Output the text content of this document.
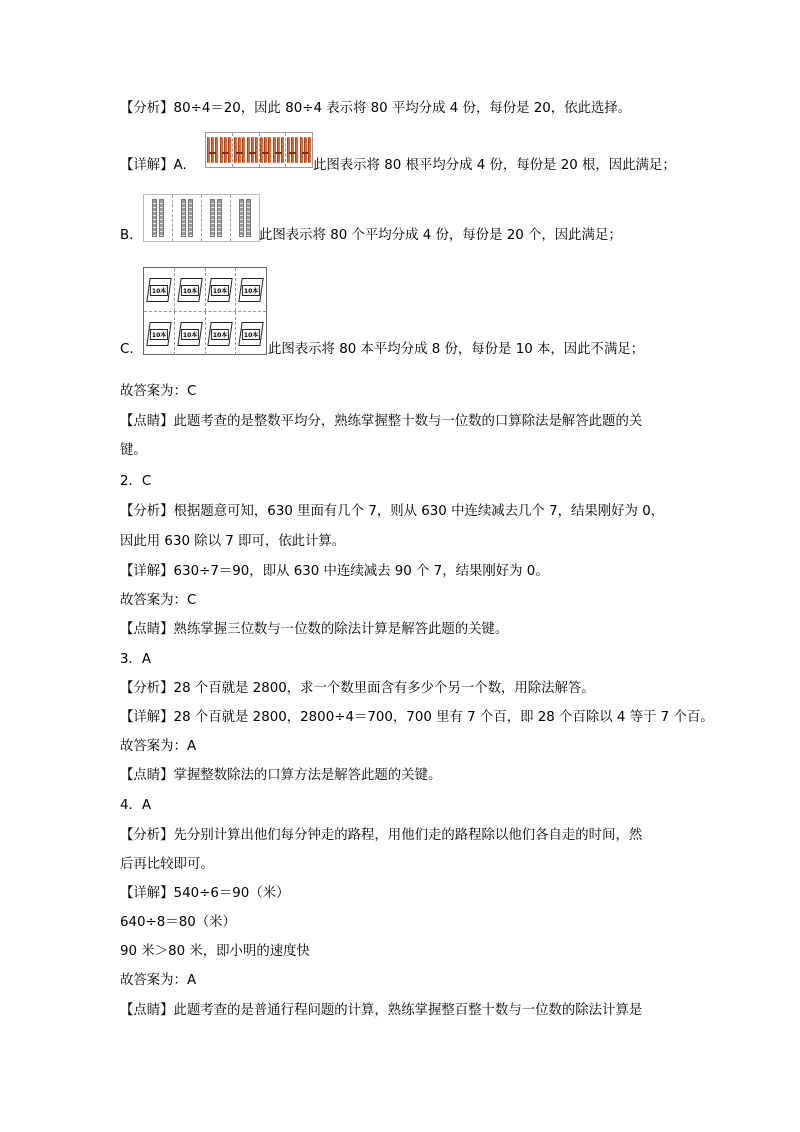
【分析】80÷4＝20，因此 80÷4 表示将 80 平均分成 4 份，每份是 20，依此选择。
【详解】A.	此图表示将 80 根平均分成 4 份，每份是 20 根，因此满足；
B.	此图表示将 80 个平均分成 4 份，每份是 20 个，因此满足；
10本	10本	10本	10本
10本	10本	10本	10本
C.	此图表示将 80 本平均分成 8 份，每份是 10 本，因此不满足；
故答案为：C
【点睛】此题考查的是整数平均分，熟练掌握整十数与一位数的口算除法是解答此题的关
键。
2．C
【分析】根据题意可知，630 里面有几个 7，则从 630 中连续减去几个 7，结果刚好为 0，
因此用 630 除以 7 即可，依此计算。
【详解】630÷7＝90，即从 630 中连续减去 90 个 7，结果刚好为 0。
故答案为：C
【点睛】熟练掌握三位数与一位数的除法计算是解答此题的关键。
3．A
【分析】28 个百就是 2800，求一个数里面含有多少个另一个数，用除法解答。
【详解】28 个百就是 2800，2800÷4＝700，700 里有 7 个百，即 28 个百除以 4 等于 7 个百。
故答案为：A
【点睛】掌握整数除法的口算方法是解答此题的关键。
4．A
【分析】先分别计算出他们每分钟走的路程，用他们走的路程除以他们各自走的时间，然
后再比较即可。
【详解】540÷6＝90（米）
640÷8＝80（米）
90 米＞80 米，即小明的速度快
故答案为：A
【点睛】此题考查的是普通行程问题的计算，熟练掌握整百整十数与一位数的除法计算是
